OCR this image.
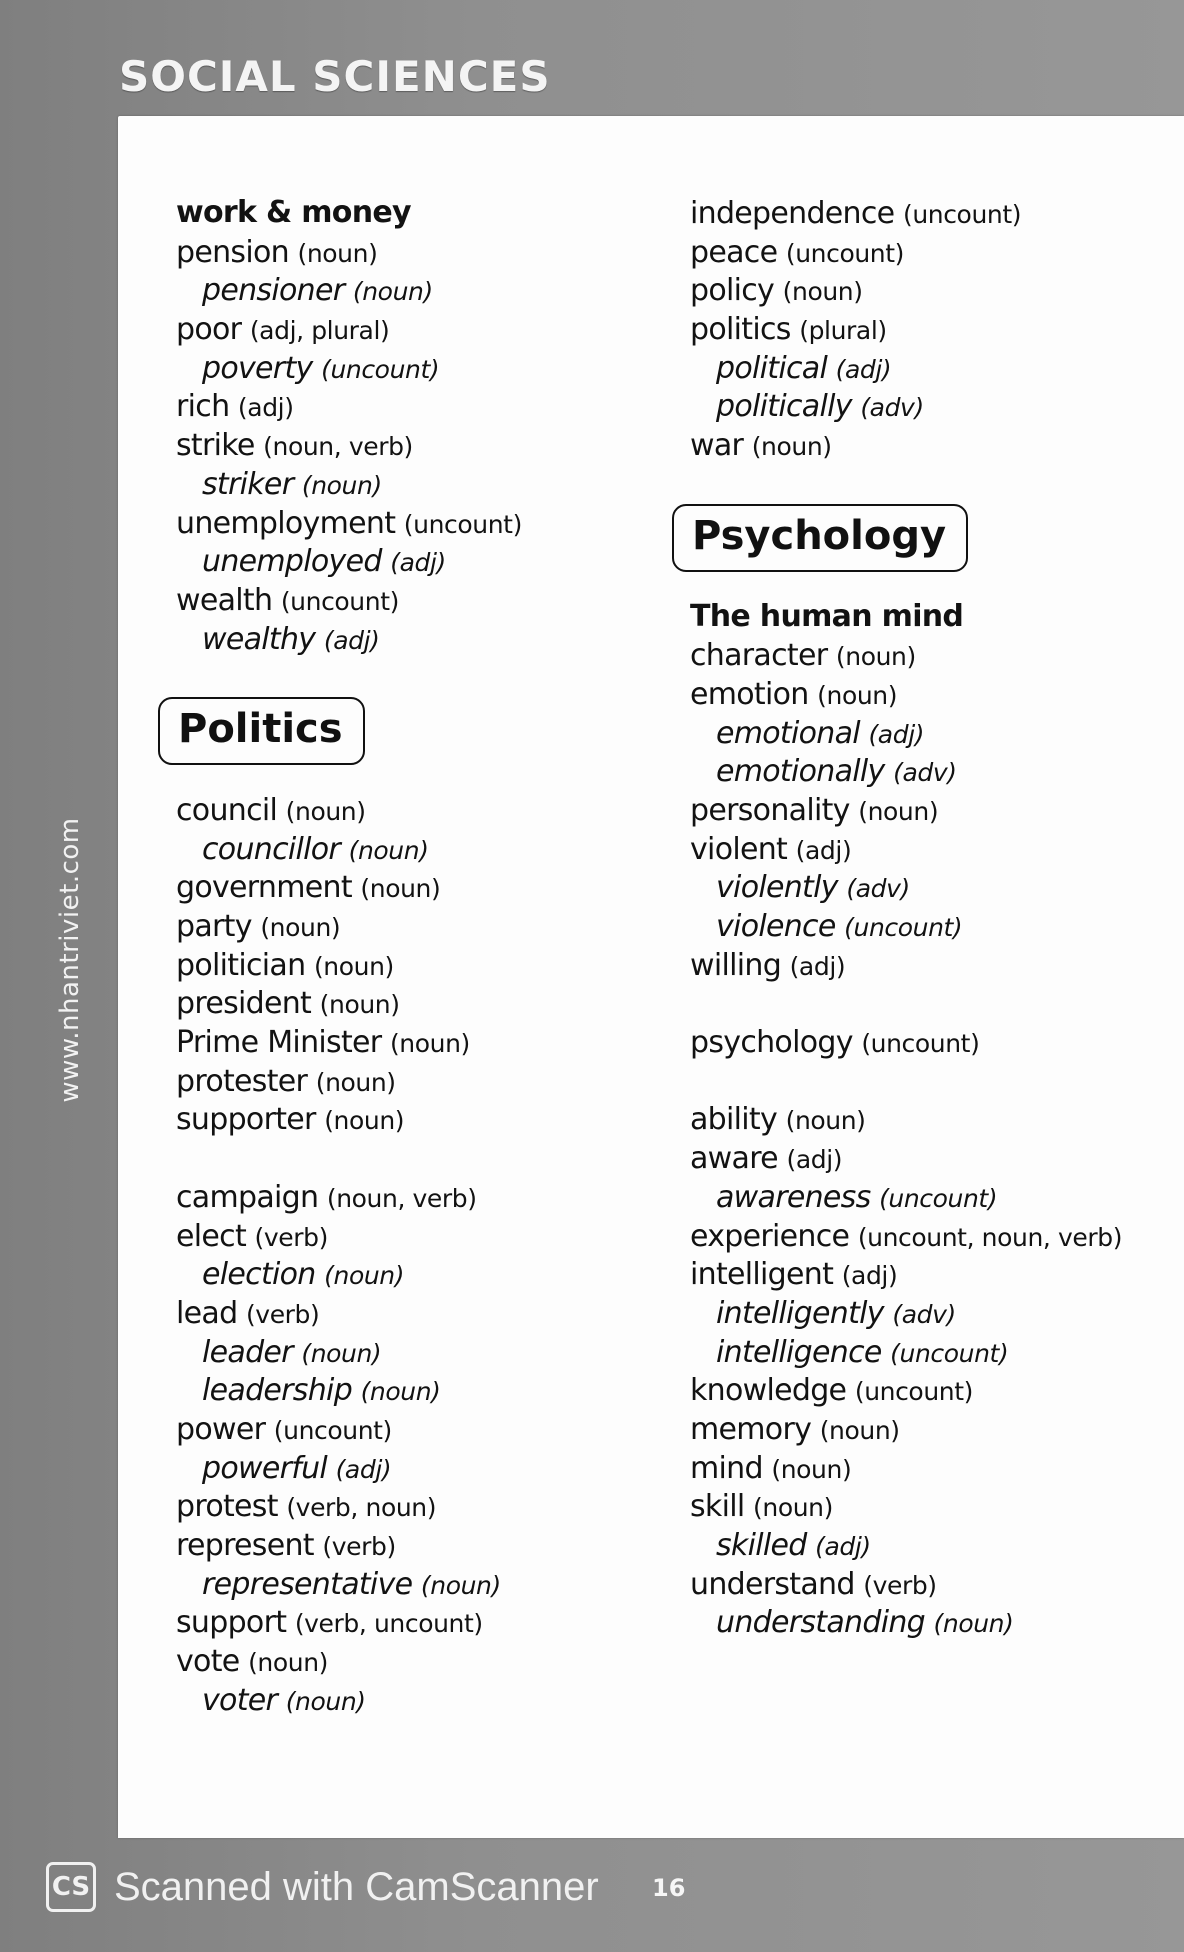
SOCIAL SCIENCES
www.nhantriviet.com
work & money
pension (noun)
pensioner (noun)
poor (adj, plural)
poverty (uncount)
rich (adj)
strike (noun, verb)
striker (noun)
unemployment (uncount)
unemployed (adj)
wealth (uncount)
wealthy (adj)
Politics
council (noun)
councillor (noun)
government (noun)
party (noun)
politician (noun)
president (noun)
Prime Minister (noun)
protester (noun)
supporter (noun)
campaign (noun, verb)
elect (verb)
election (noun)
lead (verb)
leader (noun)
leadership (noun)
power (uncount)
powerful (adj)
protest (verb, noun)
represent (verb)
representative (noun)
support (verb, uncount)
vote (noun)
voter (noun)
independence (uncount)
peace (uncount)
policy (noun)
politics (plural)
political (adj)
politically (adv)
war (noun)
Psychology
The human mind
character (noun)
emotion (noun)
emotional (adj)
emotionally (adv)
personality (noun)
violent (adj)
violently (adv)
violence (uncount)
willing (adj)
psychology (uncount)
ability (noun)
aware (adj)
awareness (uncount)
experience (uncount, noun, verb)
intelligent (adj)
intelligently (adv)
intelligence (uncount)
knowledge (uncount)
memory (noun)
mind (noun)
skill (noun)
skilled (adj)
understand (verb)
understanding (noun)
CS Scanned with CamScanner 16
